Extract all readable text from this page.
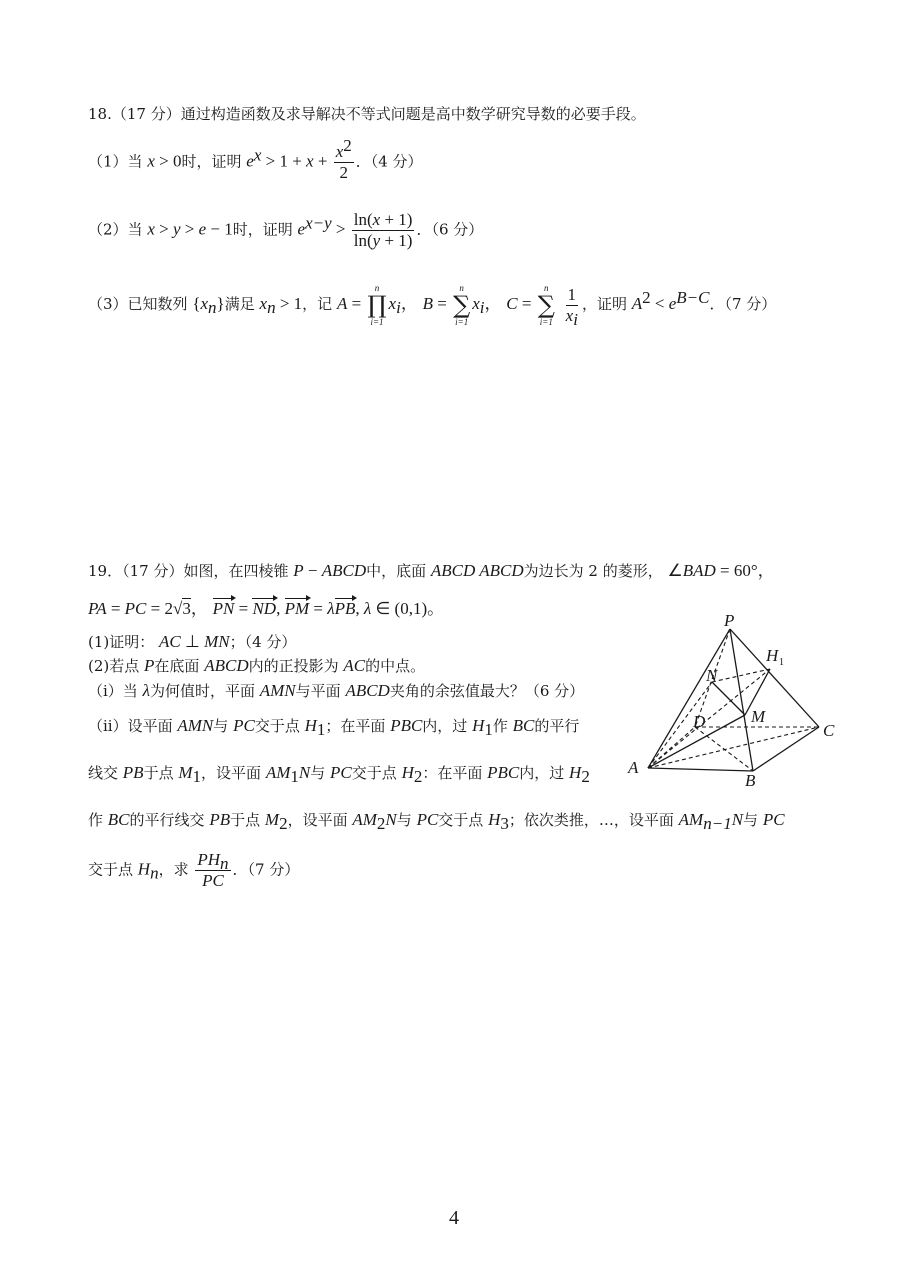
18.（17 分）通过构造函数及求导解决不等式问题是高中数学研究导数的必要手段。
（1）当 x > 0时，证明 $e^x > 1 + x + \frac{x^2}{2}$ ．（4 分）
（2）当 x > y > e − 1时，证明 $e^{x-y} > \frac{\ln(x + 1)}{\ln(y + 1)}$ ．（6 分）
（3）已知数列 $\{x_n\}$满足 $x_n > 1$，记 A =
n
∏
i=1
$x_i$， B =
n
∑
i=1
$x_i$， C =
n
∑
i=1
$\frac{1}{x_i}$ ，证明 $A^2 < e^{B-C}$．（7 分）
19．（17 分）如图，在四棱锥 P − ABCD中，底面 ABCD ABCD为边长为 2 的菱形， ∠BAD = 60°，
PA = PC = 2√3， PN = ND, PM = λPB, λ ∈ (0,1)。
(1)证明： AC ⊥ MN；（4 分）
(2)若点 P在底面 ABCD内的正投影为 AC的中点。
（i）当 λ为何值时，平面 AMN与平面 ABCD夹角的余弦值最大？（6 分）
（ii）设平面 AMN与 PC交于点 $H_1$；在平面 PBC内，过 $H_1$作 BC的平行
线交 PB于点 $M_1$，设平面 $AM_1N$与 PC交于点 $H_2$：在平面 PBC内，过 $H_2$
作 BC的平行线交 PB于点 $M_2$，设平面 $AM_2N$与 PC交于点 $H_3$；依次类推，…，设平面 $AM_{n-1}N$与 PC
交于点 $H_n$，求 $\frac{PH_n}{PC}$ ．（7 分）
P
H 1
N
M
D	C
A
B
4
